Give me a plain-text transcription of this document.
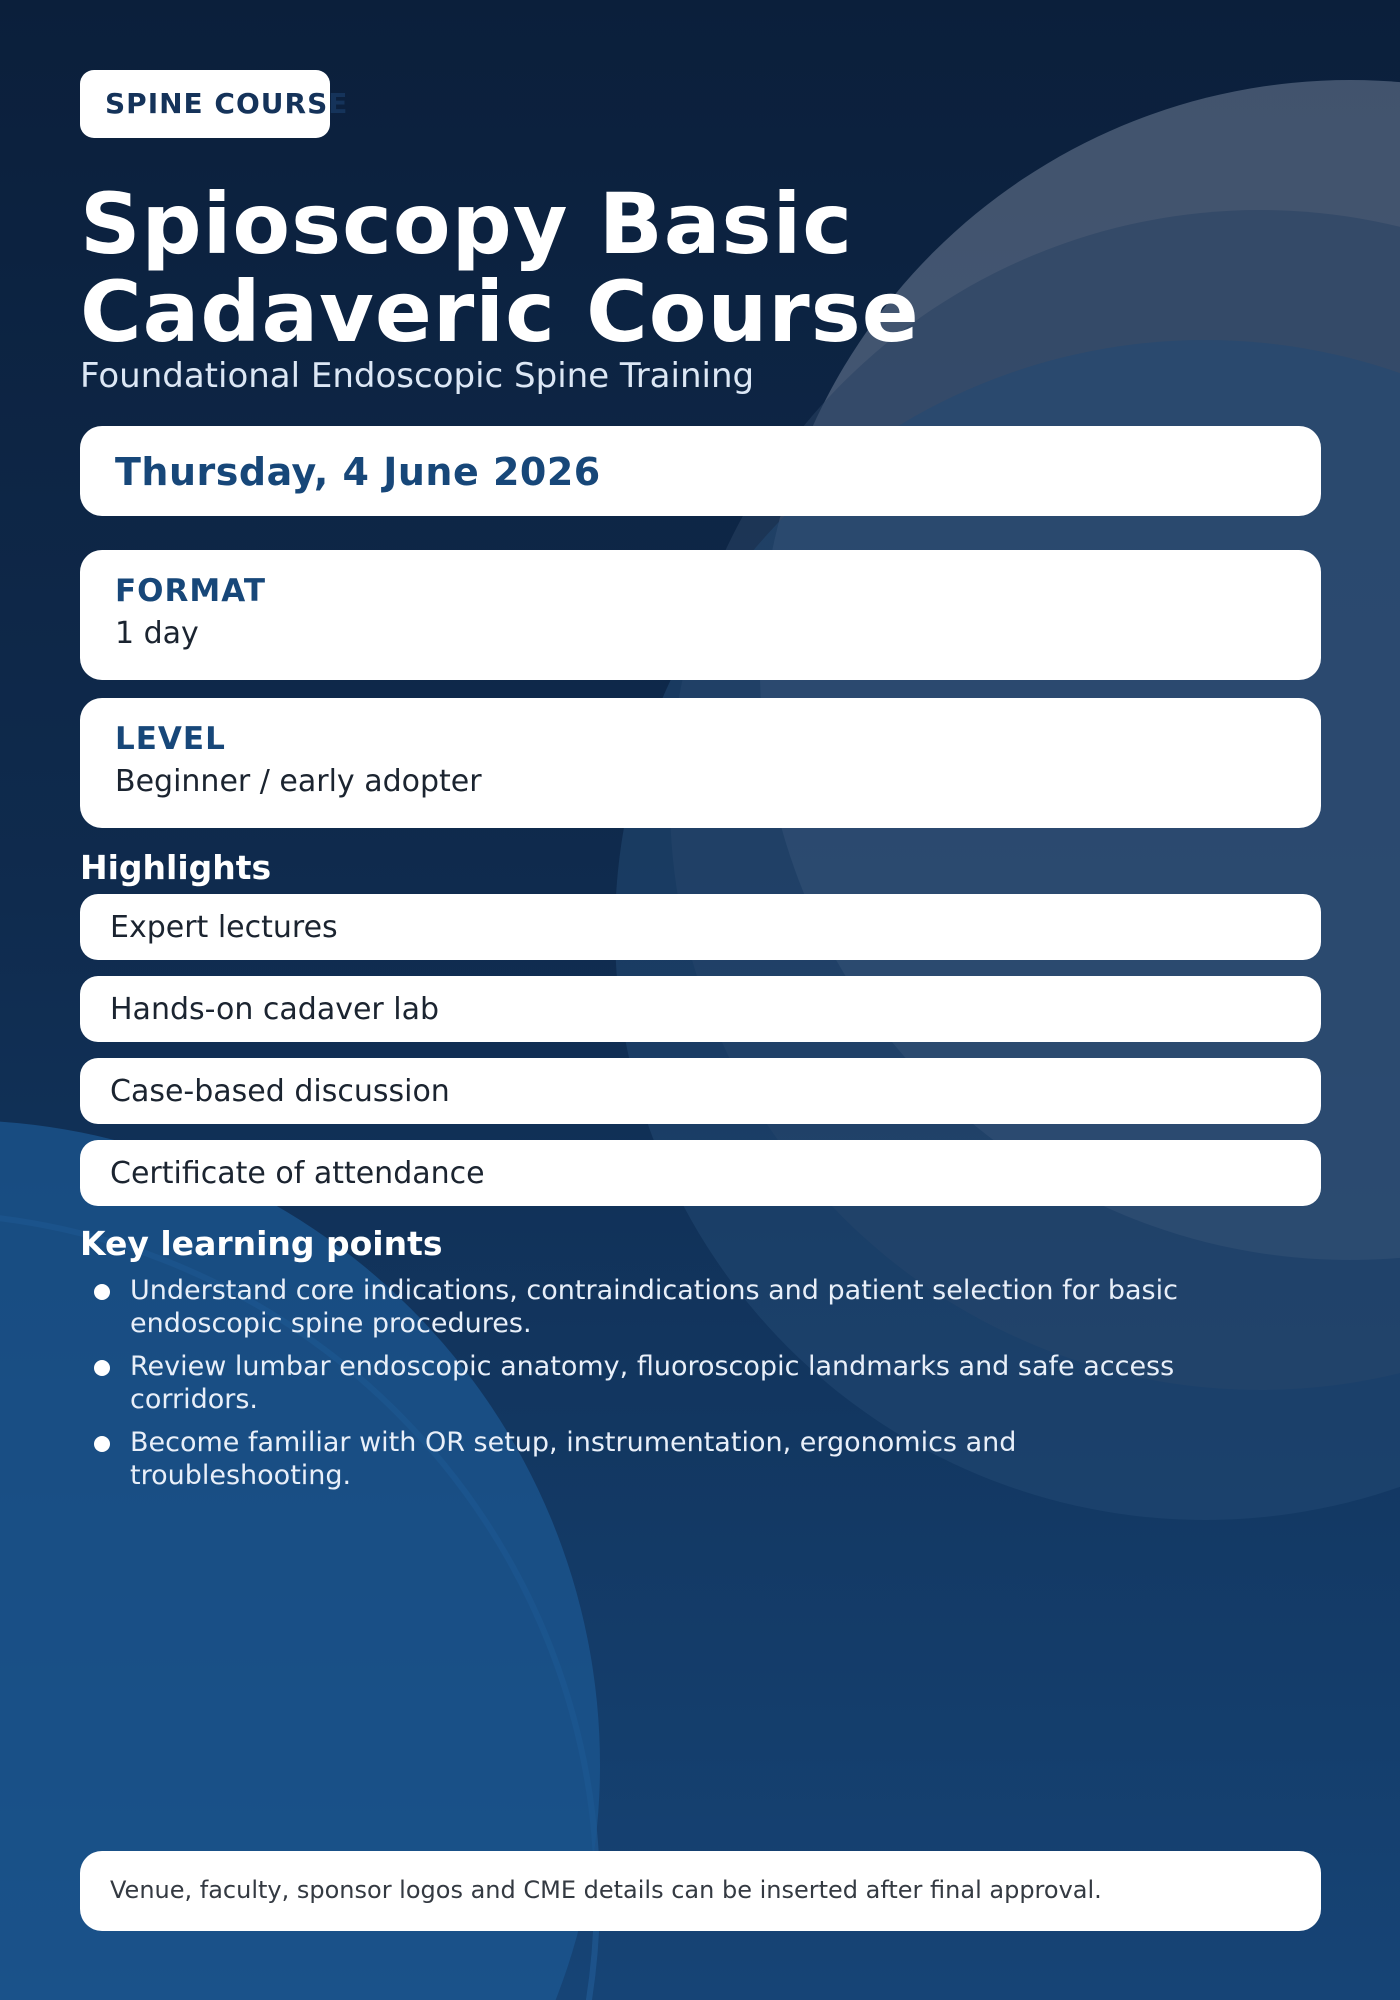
SPINE COURSE
Spioscopy Basic Cadaveric Course

Foundational Endoscopic Spine Training

Thursday, 4 June 2026
FORMAT
1 day
LEVEL
Beginner / early adopter
Highlights
Expert lectures
Hands-on cadaver lab
Case-based discussion
Certificate of attendance
Key learning points
Understand core indications, contraindications and patient selection for basic endoscopic spine procedures.
Review lumbar endoscopic anatomy, fluoroscopic landmarks and safe access corridors.
Become familiar with OR setup, instrumentation, ergonomics and troubleshooting.
Venue, faculty, sponsor logos and CME details can be inserted after final approval.
